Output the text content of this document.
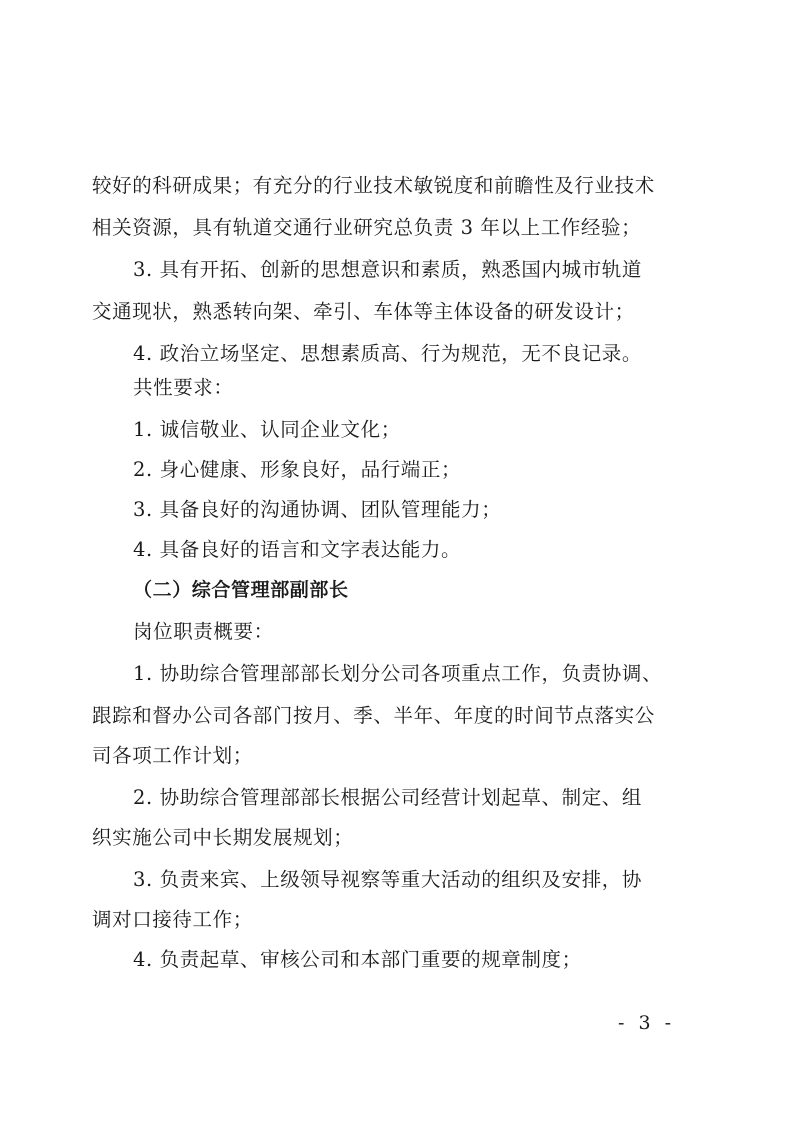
较好的科研成果；有充分的行业技术敏锐度和前瞻性及行业技术
相关资源，具有轨道交通行业研究总负责 3 年以上工作经验；
3. 具有开拓、创新的思想意识和素质，熟悉国内城市轨道
交通现状，熟悉转向架、牵引、车体等主体设备的研发设计；
4. 政治立场坚定、思想素质高、行为规范，无不良记录。
共性要求：
1. 诚信敬业、认同企业文化；
2. 身心健康、形象良好，品行端正；
3. 具备良好的沟通协调、团队管理能力；
4. 具备良好的语言和文字表达能力。
（二）综合管理部副部长
岗位职责概要：
1. 协助综合管理部部长划分公司各项重点工作，负责协调、
跟踪和督办公司各部门按月、季、半年、年度的时间节点落实公
司各项工作计划；
2. 协助综合管理部部长根据公司经营计划起草、制定、组
织实施公司中长期发展规划；
3. 负责来宾、上级领导视察等重大活动的组织及安排，协
调对口接待工作；
4. 负责起草、审核公司和本部门重要的规章制度；
- 3 -
